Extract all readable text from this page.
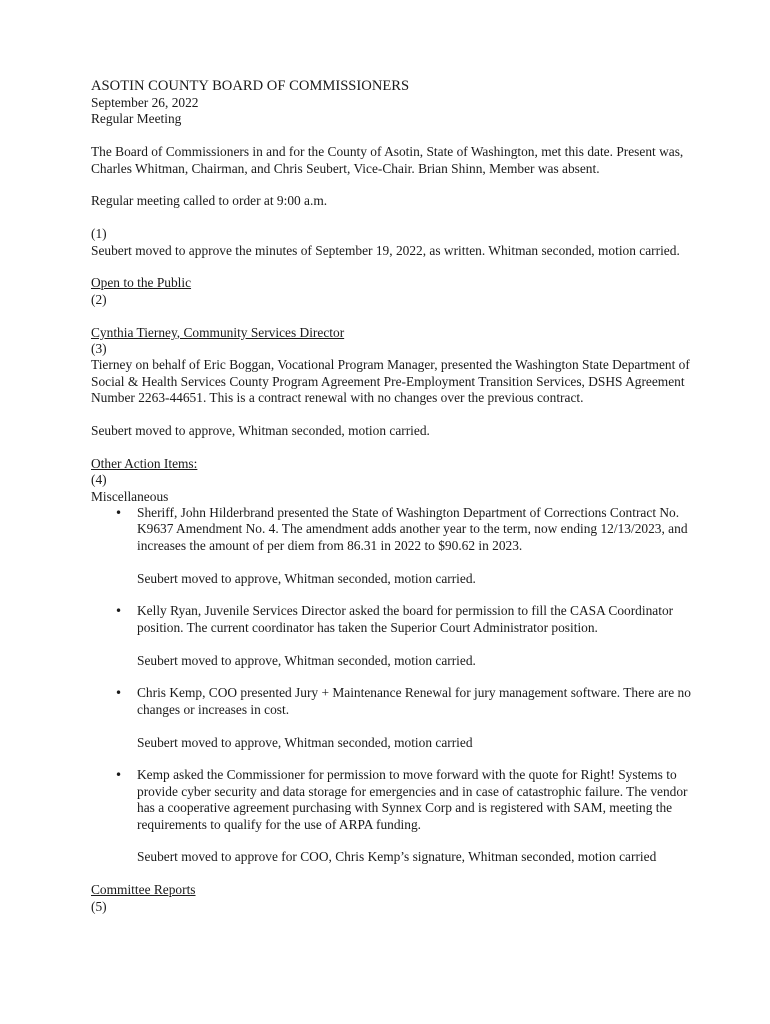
ASOTIN COUNTY BOARD OF COMMISSIONERS

September 26, 2022

Regular Meeting

The Board of Commissioners in and for the County of Asotin, State of Washington, met this date. Present was, Charles Whitman, Chairman, and Chris Seubert, Vice-Chair. Brian Shinn, Member was absent.

Regular meeting called to order at 9:00 a.m.

(1)

Seubert moved to approve the minutes of September 19, 2022, as written. Whitman seconded, motion carried.

Open to the Public

(2)

Cynthia Tierney, Community Services Director

(3)

Tierney on behalf of Eric Boggan, Vocational Program Manager, presented the Washington State Department of Social & Health Services County Program Agreement Pre-Employment Transition Services, DSHS Agreement Number 2263-44651. This is a contract renewal with no changes over the previous contract.

Seubert moved to approve, Whitman seconded, motion carried.

Other Action Items:

(4)

Miscellaneous

• Sheriff, John Hilderbrand presented the State of Washington Department of Corrections Contract No. K9637 Amendment No. 4. The amendment adds another year to the term, now ending 12/13/2023, and increases the amount of per diem from 86.31 in 2022 to $90.62 in 2023.

Seubert moved to approve, Whitman seconded, motion carried.

• Kelly Ryan, Juvenile Services Director asked the board for permission to fill the CASA Coordinator position. The current coordinator has taken the Superior Court Administrator position.

Seubert moved to approve, Whitman seconded, motion carried.

• Chris Kemp, COO presented Jury + Maintenance Renewal for jury management software. There are no changes or increases in cost.

Seubert moved to approve, Whitman seconded, motion carried

• Kemp asked the Commissioner for permission to move forward with the quote for Right! Systems to provide cyber security and data storage for emergencies and in case of catastrophic failure. The vendor has a cooperative agreement purchasing with Synnex Corp and is registered with SAM, meeting the requirements to qualify for the use of ARPA funding.

Seubert moved to approve for COO, Chris Kemp’s signature, Whitman seconded, motion carried

Committee Reports

(5)
